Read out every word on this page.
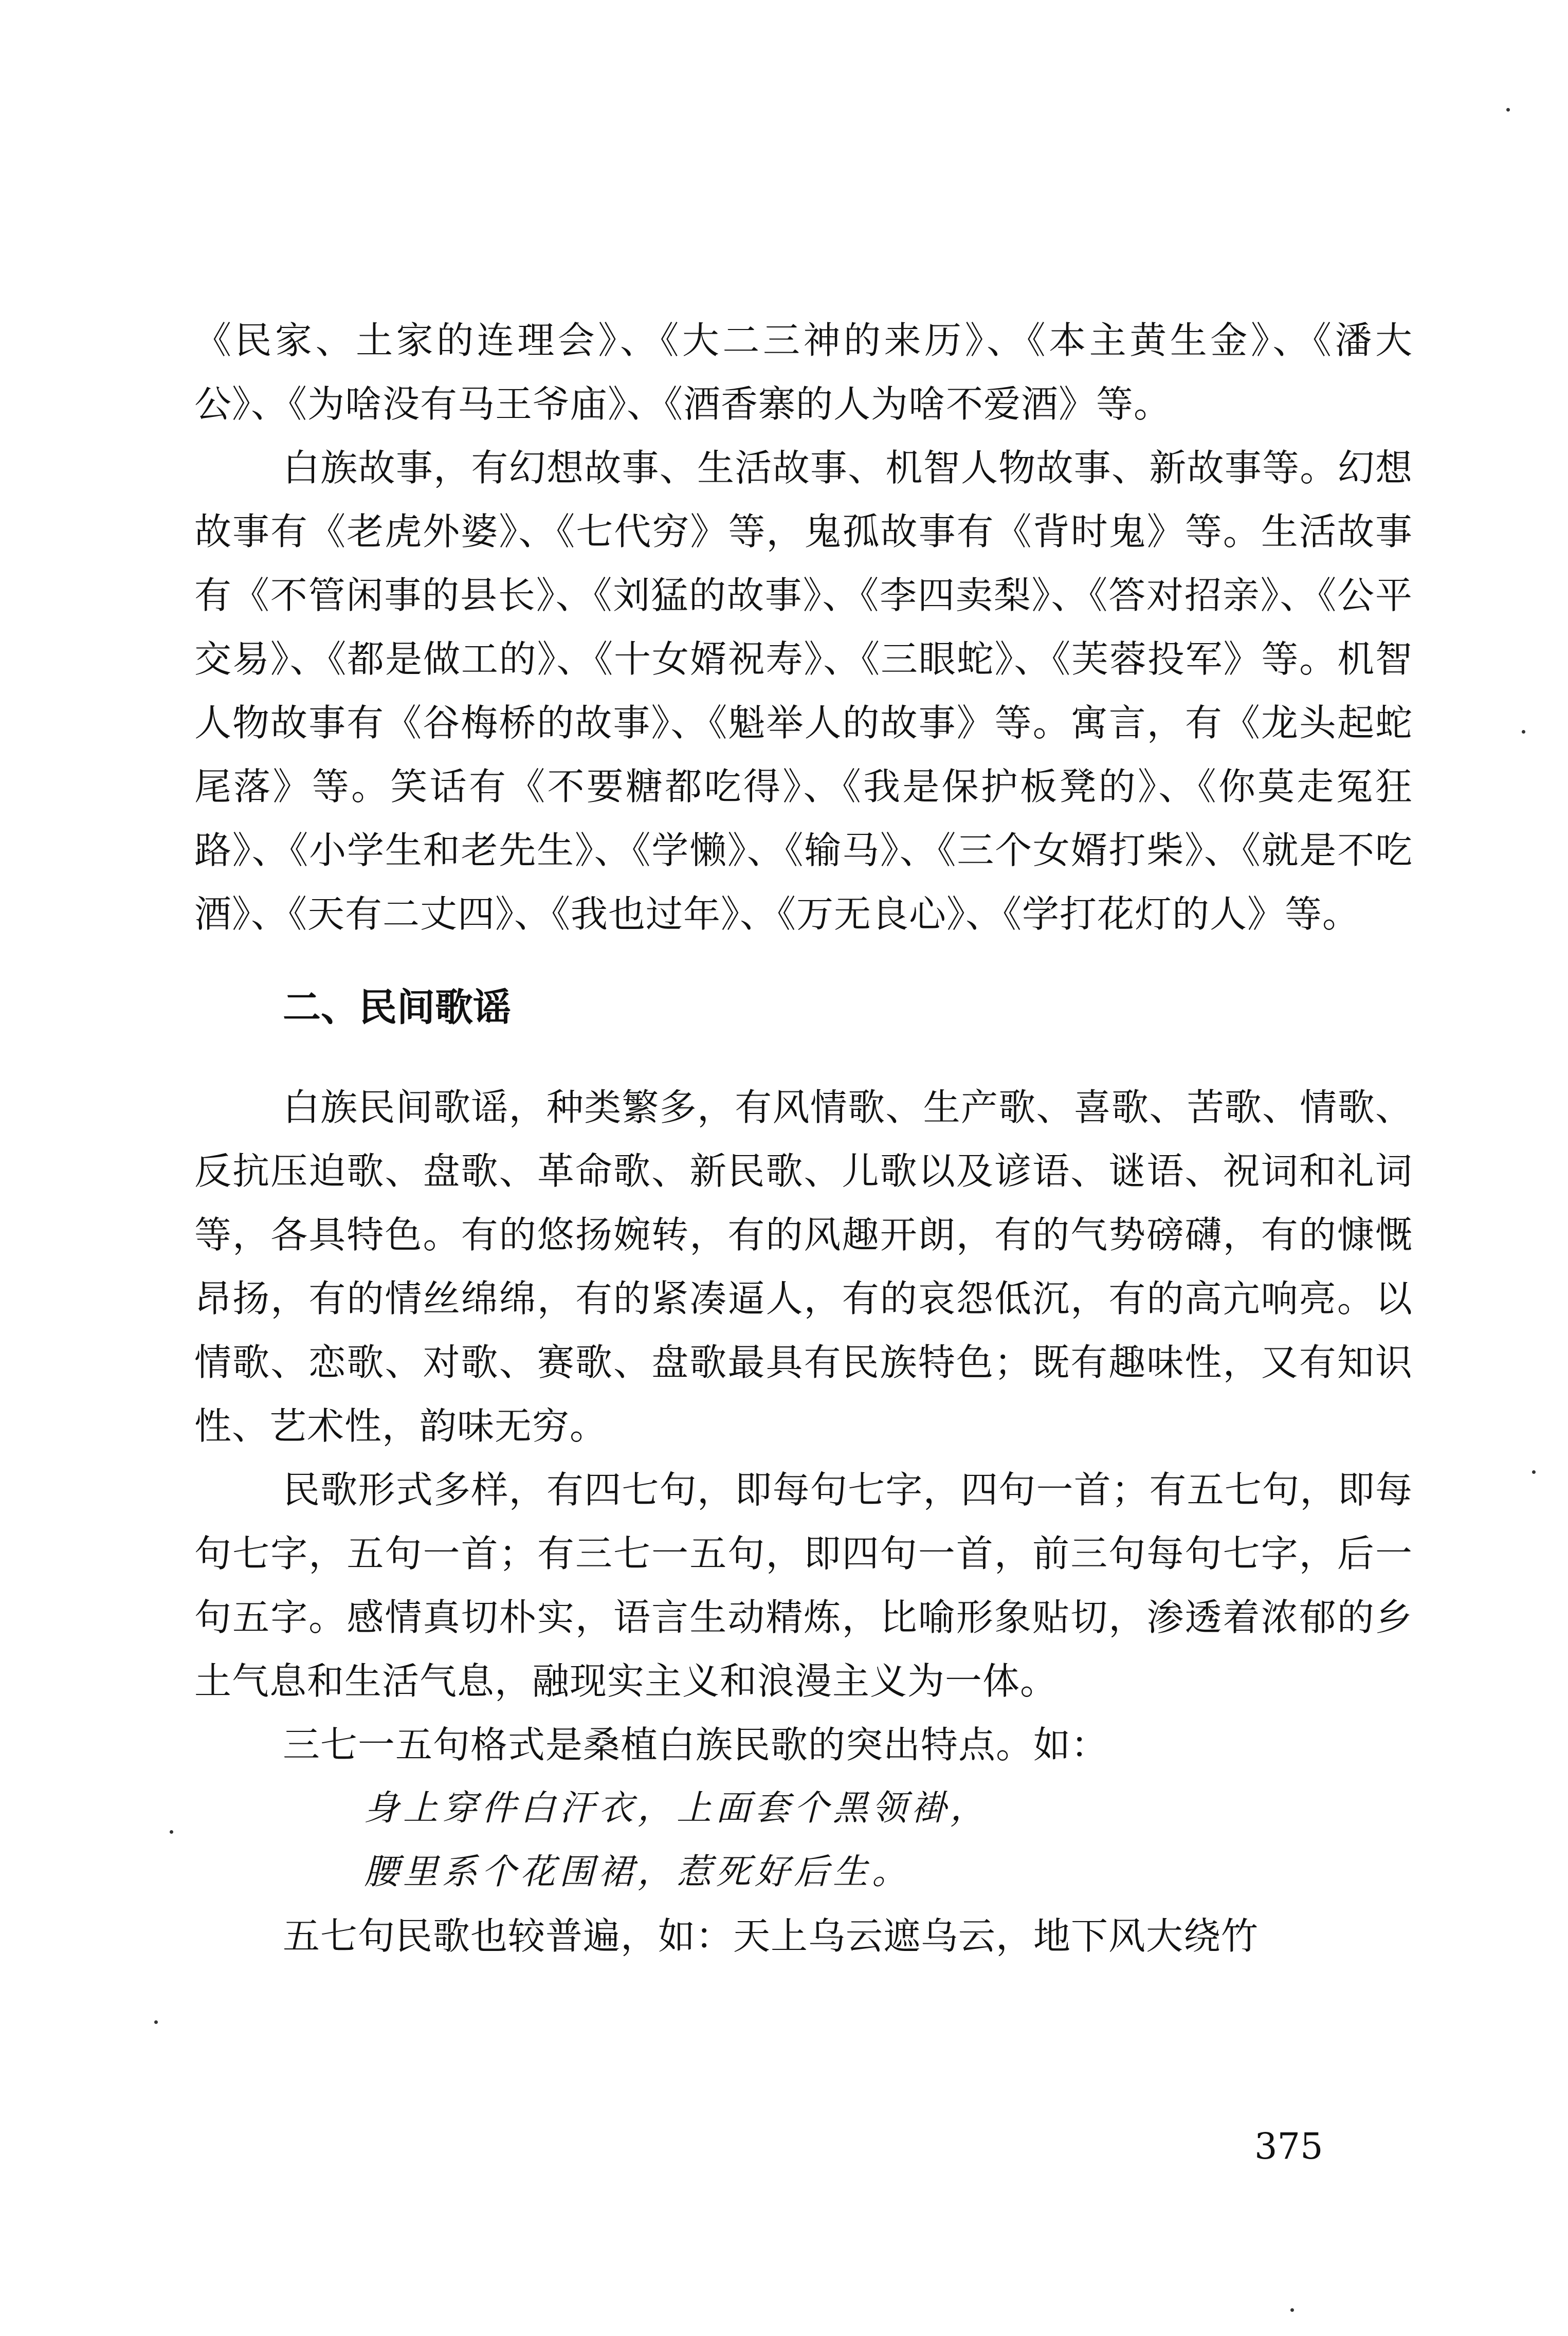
《民家、土家的连理会》、《大二三神的来历》、《本主黄生金》、《潘大公》、《为啥没有马王爷庙》、《酒香寨的人为啥不爱酒》等。

白族故事，有幻想故事、生活故事、机智人物故事、新故事等。幻想故事有《老虎外婆》、《七代穷》等，鬼孤故事有《背时鬼》等。生活故事有《不管闲事的县长》、《刘猛的故事》、《李四卖梨》、《答对招亲》、《公平交易》、《都是做工的》、《十女婿祝寿》、《三眼蛇》、《芙蓉投军》等。机智人物故事有《谷梅桥的故事》、《魁举人的故事》等。寓言，有《龙头起蛇尾落》等。笑话有《不要糖都吃得》、《我是保护板凳的》、《你莫走冤狂路》、《小学生和老先生》、《学懒》、《输马》、《三个女婿打柴》、《就是不吃酒》、《天有二丈四》、《我也过年》、《万无良心》、《学打花灯的人》等。

二、民间歌谣

白族民间歌谣，种类繁多，有风情歌、生产歌、喜歌、苦歌、情歌、反抗压迫歌、盘歌、革命歌、新民歌、儿歌以及谚语、谜语、祝词和礼词等，各具特色。有的悠扬婉转，有的风趣开朗，有的气势磅礴，有的慷慨昂扬，有的情丝绵绵，有的紧凑逼人，有的哀怨低沉，有的高亢响亮。以情歌、恋歌、对歌、赛歌、盘歌最具有民族特色；既有趣味性，又有知识性、艺术性，韵味无穷。

民歌形式多样，有四七句，即每句七字，四句一首；有五七句，即每句七字，五句一首；有三七一五句，即四句一首，前三句每句七字，后一句五字。感情真切朴实，语言生动精炼，比喻形象贴切，渗透着浓郁的乡土气息和生活气息，融现实主义和浪漫主义为一体。

三七一五句格式是桑植白族民歌的突出特点。如：

身上穿件白汗衣，上面套个黑领褂，

腰里系个花围裙，惹死好后生。

五七句民歌也较普遍，如：天上乌云遮乌云，地下风大绕竹

375
